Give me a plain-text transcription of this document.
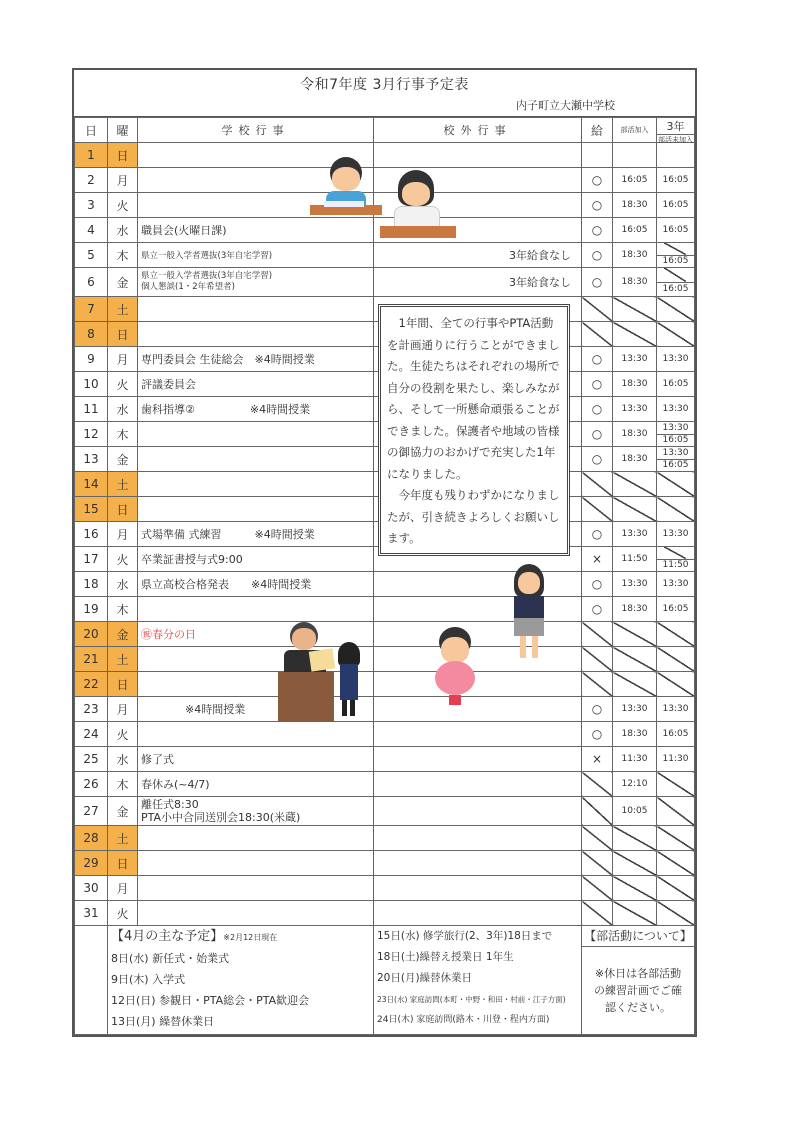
令和7年度 3月行事予定表
内子町立大瀬中学校
日	曜	学校行事	校外行事	給	部活加入	3年
部活未加入

1	日					
2	月			○	16:05	16:05
3	火			○	18:30	16:05
4	水	職員会(火曜日課)		○	16:05	16:05
5	木	県立一般入学者選抜(3年自宅学習)	3年給食なし	○	18:30	16:05

6	金	県立一般入学者選抜(3年自宅学習)
個人懇談(1・2年希望者)	3年給食なし	○	18:30	16:05

7	土					
8	日					
9	月	専門委員会 生徒総会　※4時間授業		○	13:30	13:30
10	火	評議委員会		○	18:30	16:05
11	水	歯科指導②　　　　　※4時間授業		○	13:30	13:30
12	木			○	18:30	13:30
16:05

13	金			○	18:30	13:30
16:05

14	土					
15	日					
16	月	式場準備 式練習　　　※4時間授業		○	13:30	13:30
17	火	卒業証書授与式9:00		×	11:50	11:50

18	水	県立高校合格発表　　※4時間授業		○	13:30	13:30
19	木			○	18:30	16:05
20	金	㊗春分の日				
21	土					
22	日					
23	月	　　　　※4時間授業		○	13:30	13:30
24	火			○	18:30	16:05
25	水	修了式		×	11:30	11:30
26	木	春休み(~4/7)			12:10	
27	金	離任式8:30
PTA小中合同送別会18:30(米蔵)			10:05	
28	土					
29	日					
30	月					
31	火					

【4月の主な予定】※2月12日現在
8日(水) 新任式・始業式
9日(木) 入学式
12日(日) 参観日・PTA総会・PTA歓迎会
13日(月) 繰替休業日

15日(水) 修学旅行(2、3年)18日まで
18日(土)繰替え授業日 1年生
20日(月)繰替休業日
23日(水) 家庭訪問(本町・中野・和田・村前・江子方面)
24日(木) 家庭訪問(路木・川登・程内方面)

【部活動について】
※休日は各部活動の練習計画でご確認ください。

1年間、全ての行事やPTA活動を計画通りに行うことができました。生徒たちはそれぞれの場所で自分の役割を果たし、楽しみながら、そして一所懸命頑張ることができました。保護者や地域の皆様の御協力のおかげで充実した1年になりました。

今年度も残りわずかになりましたが、引き続きよろしくお願いします。
